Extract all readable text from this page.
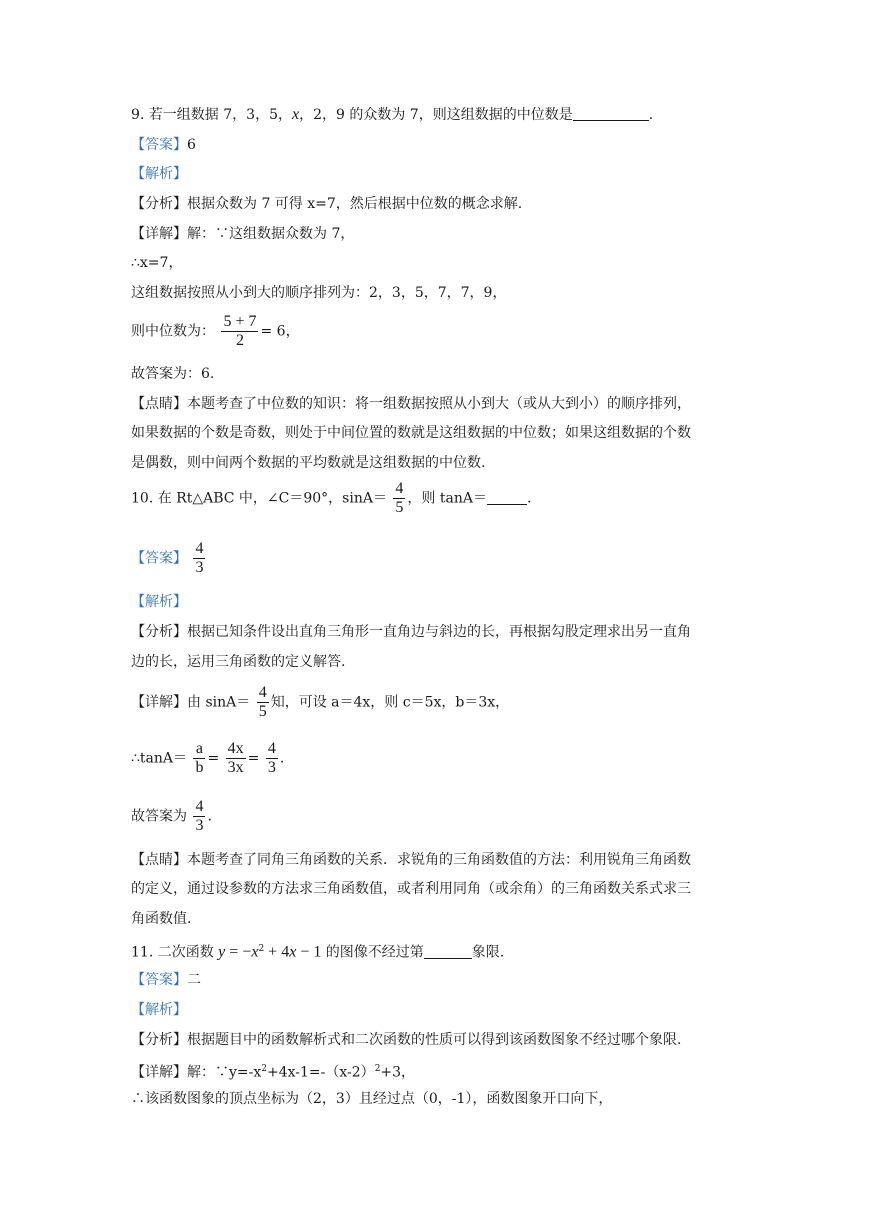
9. 若一组数据 7，3，5，x，2，9 的众数为 7，则这组数据的中位数是	.
【答案】6
【解析】
【分析】根据众数为 7 可得 x=7，然后根据中位数的概念求解.
【详解】解：∵这组数据众数为 7，
∴x=7，
这组数据按照从小到大的顺序排列为：2，3，5，7，7，9，
则中位数为： $\frac{5 + 7}{2} = 6$，
故答案为：6.
【点睛】本题考查了中位数的知识：将一组数据按照从小到大（或从大到小）的顺序排列，
如果数据的个数是奇数，则处于中间位置的数就是这组数据的中位数；如果这组数据的个数
是偶数，则中间两个数据的平均数就是这组数据的中位数.
10. 在 Rt△ABC 中，∠C＝90°，$\sin A= \frac{4}{5}$ ，则 tanA＝	.
【答案】 $\frac{4}{3}$
【解析】
【分析】根据已知条件设出直角三角形一直角边与斜边的长，再根据勾股定理求出另一直角
边的长，运用三角函数的定义解答.
【详解】由 $\sin A= \frac{4}{5}$ 知，可设 a＝4x，则 c＝5x，b＝3x，
∴tanA＝ $\frac{a}{b} = \frac{4x}{3x} = \frac{4}{3}$ .
故答案为 $\frac{4}{3}$ .
【点睛】本题考查了同角三角函数的关系．求锐角的三角函数值的方法：利用锐角三角函数
的定义，通过设参数的方法求三角函数值，或者利用同角（或余角）的三角函数关系式求三
角函数值.
11. 二次函数 $y = -x^2 + 4x - 1$ 的图像不经过第	象限.
【答案】二
【解析】
【分析】根据题目中的函数解析式和二次函数的性质可以得到该函数图象不经过哪个象限.
【详解】解：$\because y=-x^2+4x-1=-(x-2)^2+3$，
∴该函数图象的顶点坐标为（2，3）且经过点（0，-1），函数图象开口向下，
